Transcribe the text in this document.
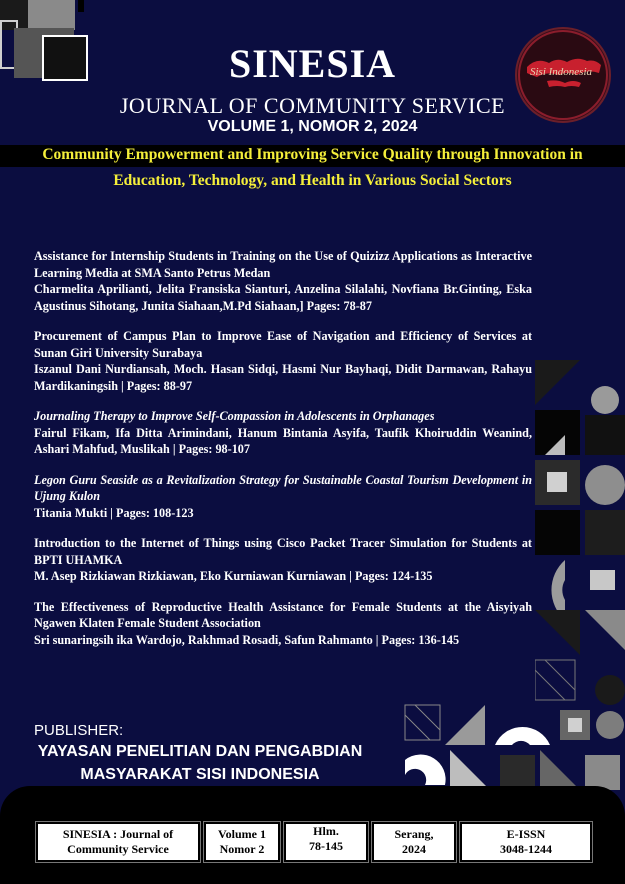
Sisi Indonesia
SINESIA
JOURNAL OF COMMUNITY SERVICE
VOLUME 1, NOMOR 2, 2024
Community Empowerment and Improving Service Quality through Innovation in
Education, Technology, and Health in Various Social Sectors
Assistance for Internship Students in Training on the Use of Quizizz Applications as Interactive Learning Media at SMA Santo Petrus Medan
Charmelita Aprilianti, Jelita Fransiska Sianturi, Anzelina Silalahi, Novfiana Br.Ginting, Eska Agustinus Sihotang, Junita Siahaan,M.Pd Siahaan,] Pages: 78-87
Procurement of Campus Plan to Improve Ease of Navigation and Efficiency of Services at Sunan Giri University Surabaya
Iszanul Dani Nurdiansah, Moch. Hasan Sidqi, Hasmi Nur Bayhaqi, Didit Darmawan, Rahayu Mardikaningsih | Pages: 88-97
Journaling Therapy to Improve Self-Compassion in Adolescents in Orphanages
Fairul Fikam, Ifa Ditta Arimindani, Hanum Bintania Asyifa, Taufik Khoiruddin Weanind, Ashari Mahfud, Muslikah | Pages: 98-107
Legon Guru Seaside as a Revitalization Strategy for Sustainable Coastal Tourism Development in Ujung Kulon
Titania Mukti | Pages: 108-123
Introduction to the Internet of Things using Cisco Packet Tracer Simulation for Students at BPTI UHAMKA
M. Asep Rizkiawan Rizkiawan, Eko Kurniawan Kurniawan | Pages: 124-135
The Effectiveness of Reproductive Health Assistance for Female Students at the Aisyiyah Ngawen Klaten Female Student Association
Sri sunaringsih ika Wardojo, Rakhmad Rosadi, Safun Rahmanto | Pages: 136-145
PUBLISHER:
YAYASAN PENELITIAN DAN PENGABDIAN
MASYARAKAT SISI INDONESIA
SINESIA : Journal of
Community Service
Volume 1
Nomor 2
Hlm.
78-145
Serang,
2024
E-ISSN
3048-1244
